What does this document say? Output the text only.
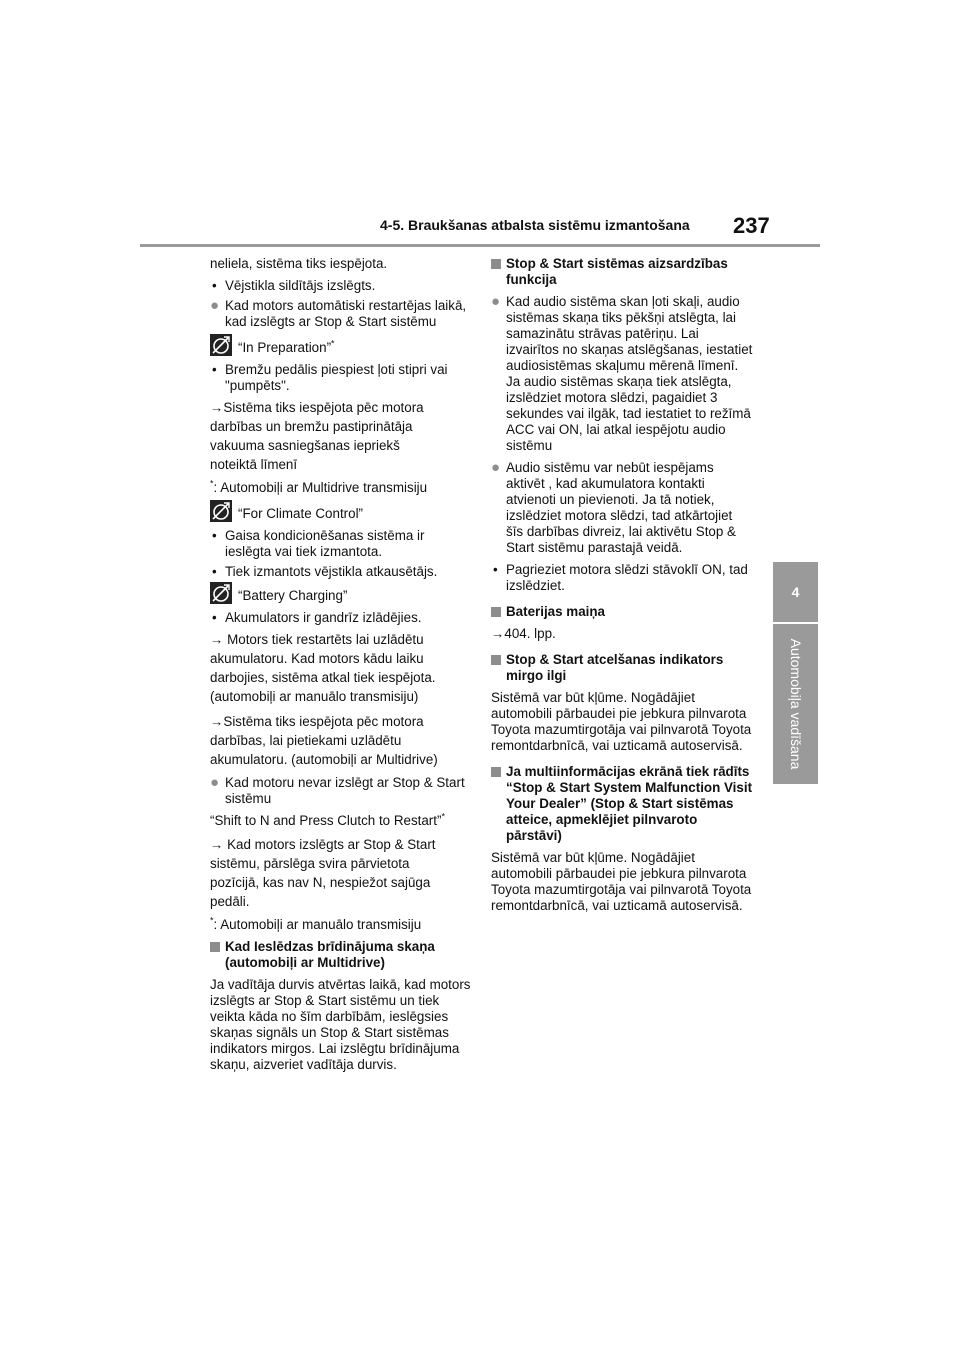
4-5. Braukšanas atbalsta sistēmu izmantošana 237
4
Automobiļa vadīšana

neliela, sistēma tiks iespējota.

• Vējstikla sildītājs izslēgts.
● Kad motors automātiski restartējas laikā, kad izslēgts ar Stop & Start sistēmu
“In Preparation”*
• Bremžu pedālis piespiest ļoti stipri vai "pumpēts".

→Sistēma tiks iespējota pēc motora

darbības un bremžu pastiprinātāja

vakuuma sasniegšanas iepriekš

noteiktā līmenī

*: Automobiļi ar Multidrive transmisiju

“For Climate Control”
• Gaisa kondicionēšanas sistēma ir ieslēgta vai tiek izmantota.
• Tiek izmantots vējstikla atkausētājs.
“Battery Charging”
• Akumulators ir gandrīz izlādējies.

→ Motors tiek restartēts lai uzlādētu

akumulatoru. Kad motors kādu laiku

darbojies, sistēma atkal tiek iespējota.

(automobiļi ar manuālo transmisiju)

→Sistēma tiks iespējota pēc motora

darbības, lai pietiekami uzlādētu

akumulatoru. (automobiļi ar Multidrive)

● Kad motoru nevar izslēgt ar Stop & Start sistēmu

“Shift to N and Press Clutch to Restart”*

→ Kad motors izslēgts ar Stop & Start

sistēmu, pārslēga svira pārvietota

pozīcijā, kas nav N, nespiežot sajūga

pedāli.

*: Automobiļi ar manuālo transmisiju

Kad Ieslēdzas brīdinājuma skaņa (automobiļi ar Multidrive)

Ja vadītāja durvis atvērtas laikā, kad motors izslēgts ar Stop & Start sistēmu un tiek veikta kāda no šīm darbībām, ieslēgsies skaņas signāls un Stop & Start sistēmas indikators mirgos. Lai izslēgtu brīdinājuma skaņu, aizveriet vadītāja durvis.

Stop & Start sistēmas aizsardzības funkcija
● Kad audio sistēma skan ļoti skaļi, audio sistēmas skaņa tiks pēkšņi atslēgta, lai samazinātu strāvas patēriņu. Lai izvairītos no skaņas atslēgšanas, iestatiet audiosistēmas skaļumu mērenā līmenī. Ja audio sistēmas skaņa tiek atslēgta, izslēdziet motora slēdzi, pagaidiet 3 sekundes vai ilgāk, tad iestatiet to režīmā ACC vai ON, lai atkal iespējotu audio sistēmu
● Audio sistēmu var nebūt iespējams aktivēt , kad akumulatora kontakti atvienoti un pievienoti. Ja tā notiek, izslēdziet motora slēdzi, tad atkārtojiet šīs darbības divreiz, lai aktivētu Stop & Start sistēmu parastajā veidā.
• Pagrieziet motora slēdzi stāvoklī ON, tad izslēdziet.
Baterijas maiņa

→404. lpp.

Stop & Start atcelšanas indikators mirgo ilgi

Sistēmā var būt kļūme. Nogādājiet automobili pārbaudei pie jebkura pilnvarota Toyota mazumtirgotāja vai pilnvarotā Toyota remontdarbnīcā, vai uzticamā autoservisā.

Ja multiinformācijas ekrānā tiek rādīts “Stop & Start System Malfunction Visit Your Dealer” (Stop & Start sistēmas atteice, apmeklējiet pilnvaroto pārstāvi)

Sistēmā var būt kļūme. Nogādājiet automobili pārbaudei pie jebkura pilnvarota Toyota mazumtirgotāja vai pilnvarotā Toyota remontdarbnīcā, vai uzticamā autoservisā.
